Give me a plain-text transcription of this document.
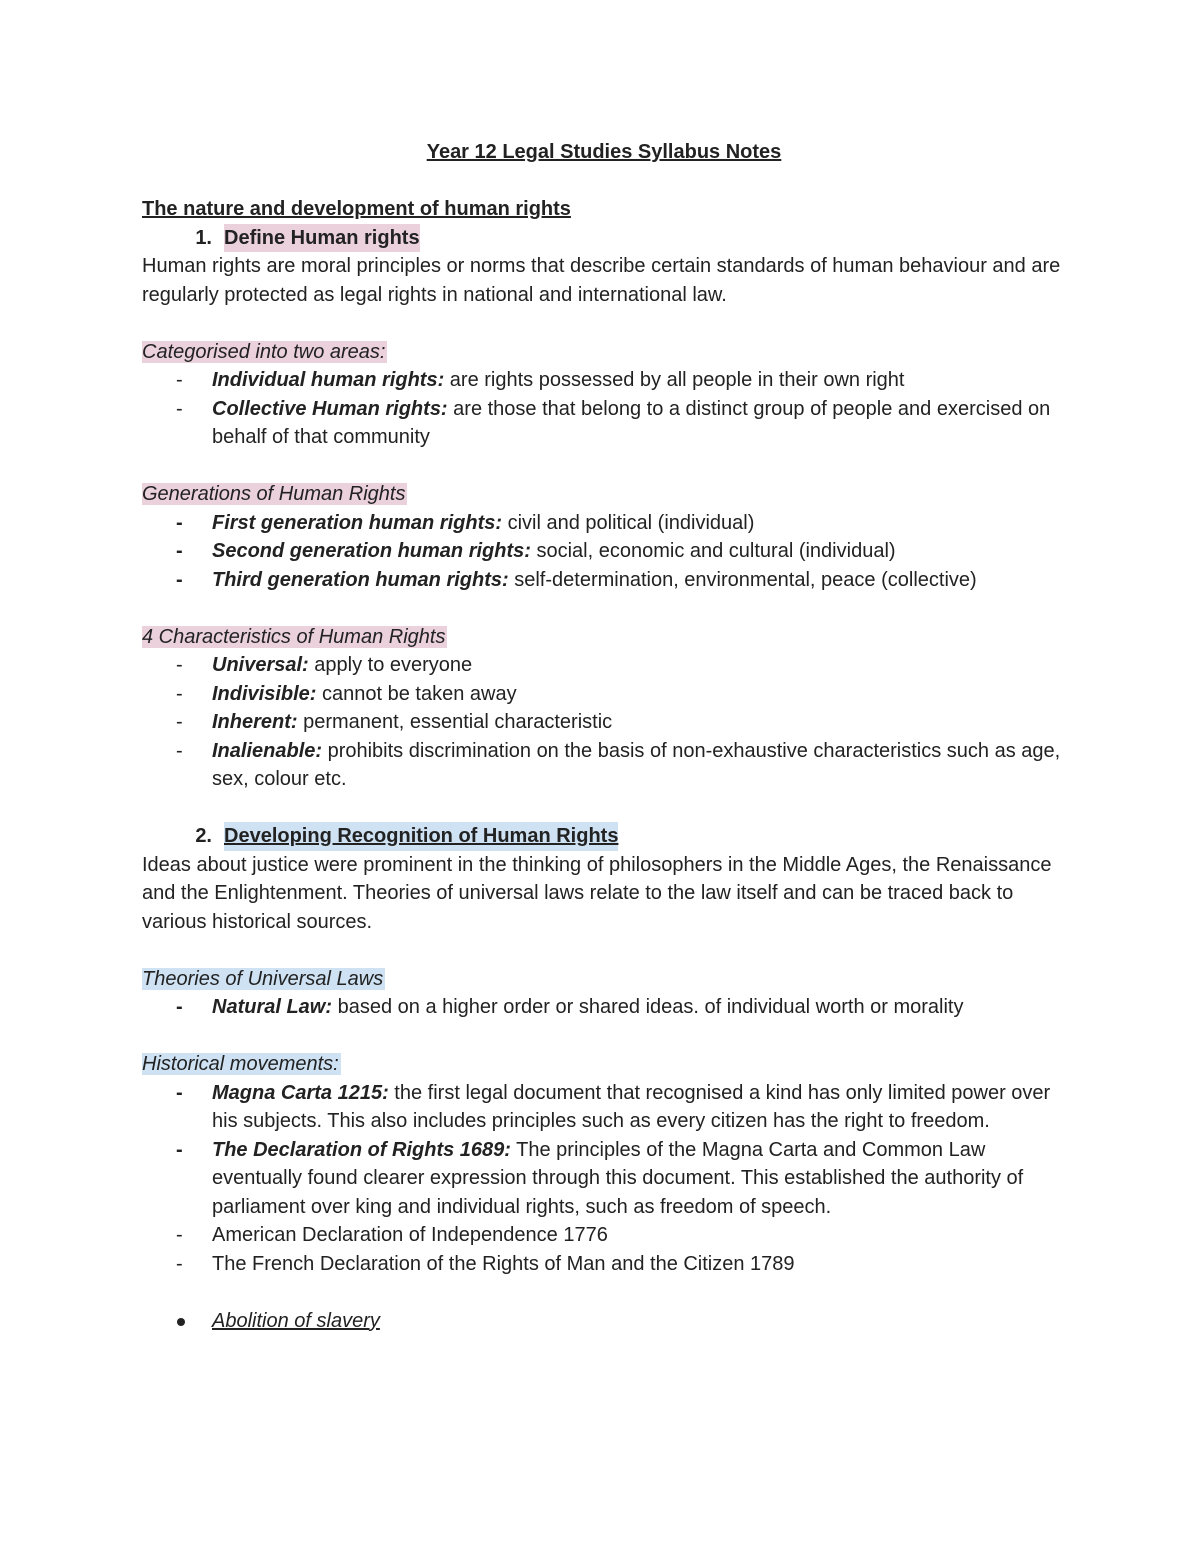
Year 12 Legal Studies Syllabus Notes
The nature and development of human rights
1. Define Human rights
Human rights are moral principles or norms that describe certain standards of human behaviour and are regularly protected as legal rights in national and international law.
Categorised into two areas:
-	Individual human rights: are rights possessed by all people in their own right
-	Collective Human rights: are those that belong to a distinct group of people and exercised on behalf of that community
Generations of Human Rights
-	First generation human rights: civil and political (individual)
-	Second generation human rights: social, economic and cultural (individual)
-	Third generation human rights: self-determination, environmental, peace (collective)
4 Characteristics of Human Rights
-	Universal: apply to everyone
-	Indivisible: cannot be taken away
-	Inherent: permanent, essential characteristic
-	Inalienable: prohibits discrimination on the basis of non-exhaustive characteristics such as age, sex, colour etc.
2. Developing Recognition of Human Rights
Ideas about justice were prominent in the thinking of philosophers in the Middle Ages, the Renaissance and the Enlightenment. Theories of universal laws relate to the law itself and can be traced back to various historical sources.
Theories of Universal Laws
-	Natural Law: based on a higher order or shared ideas. of individual worth or morality
Historical movements:
-	Magna Carta 1215: the first legal document that recognised a kind has only limited power over his subjects. This also includes principles such as every citizen has the right to freedom.
-	The Declaration of Rights 1689: The principles of the Magna Carta and Common Law eventually found clearer expression through this document. This established the authority of parliament over king and individual rights, such as freedom of speech.
-	American Declaration of Independence 1776
-	The French Declaration of the Rights of Man and the Citizen 1789
Abolition of slavery
